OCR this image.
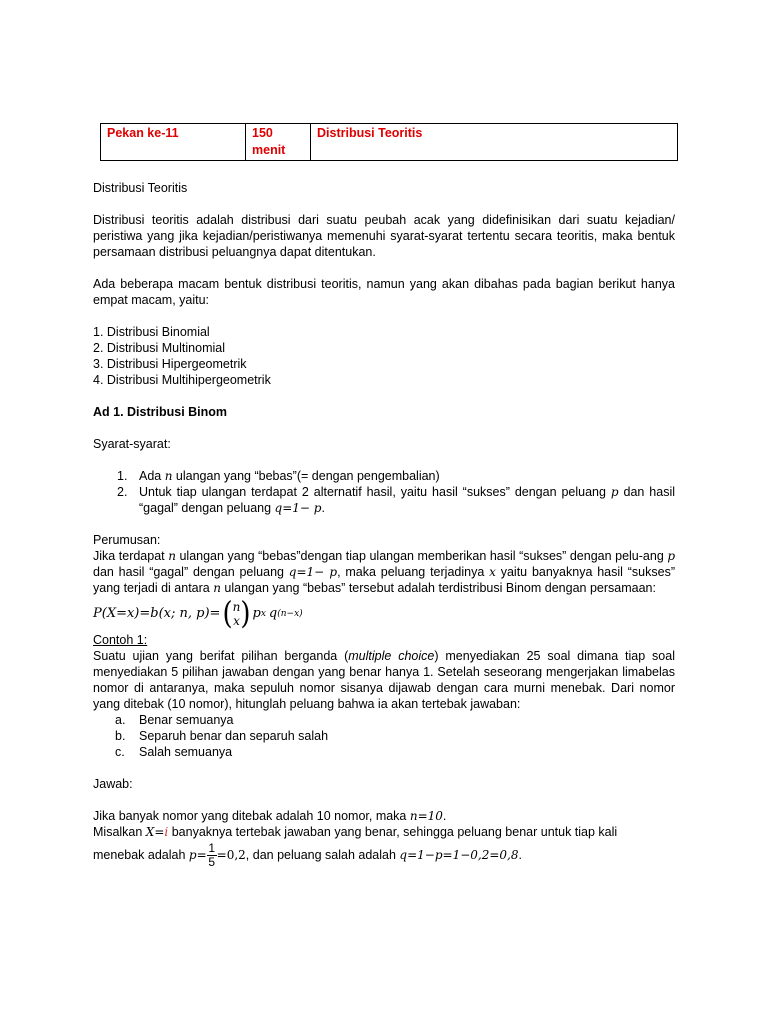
Pekan ke-11	150 menit	Distribusi Teoritis

Distribusi Teoritis

Distribusi teoritis adalah distribusi dari suatu peubah acak yang didefinisikan dari suatu kejadian/ peristiwa yang jika kejadian/peristiwanya memenuhi syarat-syarat tertentu secara teoritis, maka bentuk persamaan distribusi peluangnya dapat ditentukan.

Ada beberapa macam bentuk distribusi teoritis, namun yang akan dibahas pada bagian berikut hanya empat macam, yaitu:

1. Distribusi Binomial

2. Distribusi Multinomial

3. Distribusi Hipergeometrik

4. Distribusi Multihipergeometrik

Ad 1. Distribusi Binom

Syarat-syarat:

1. Ada n ulangan yang “bebas”(= dengan pengembalian)
2. Untuk tiap ulangan terdapat 2 alternatif hasil, yaitu hasil “sukses” dengan peluang p dan hasil “gagal” dengan peluang q=1− p.

Perumusan:

Jika terdapat n ulangan yang “bebas”dengan tiap ulangan memberikan hasil “sukses” dengan pelu-ang p dan hasil “gagal” dengan peluang q=1− p, maka peluang terjadinya x yaitu banyaknya hasil “sukses” yang terjadi di antara n ulangan yang “bebas” tersebut adalah terdistribusi Binom dengan persamaan:

P(X=x)=b(x; n, p)= ( n
x ) p x q (n−x)

Contoh 1:

Suatu ujian yang berifat pilihan berganda (multiple choice) menyediakan 25 soal dimana tiap soal menyediakan 5 pilihan jawaban dengan yang benar hanya 1. Setelah seseorang mengerjakan limabelas nomor di antaranya, maka sepuluh nomor sisanya dijawab dengan cara murni menebak. Dari nomor yang ditebak (10 nomor), hitunglah peluang bahwa ia akan tertebak jawaban:

a.	Benar semuanya
b.	Separuh benar dan separuh salah
c.	Salah semuanya

Jawab:

Jika banyak nomor yang ditebak adalah 10 nomor, maka n=10.

Misalkan X=i banyaknya tertebak jawaban yang benar, sehingga peluang benar untuk tiap kali

menebak adalah $p= \frac{1}{5} =0,2$, dan peluang salah adalah q=1−p=1−0,2=0,8.
